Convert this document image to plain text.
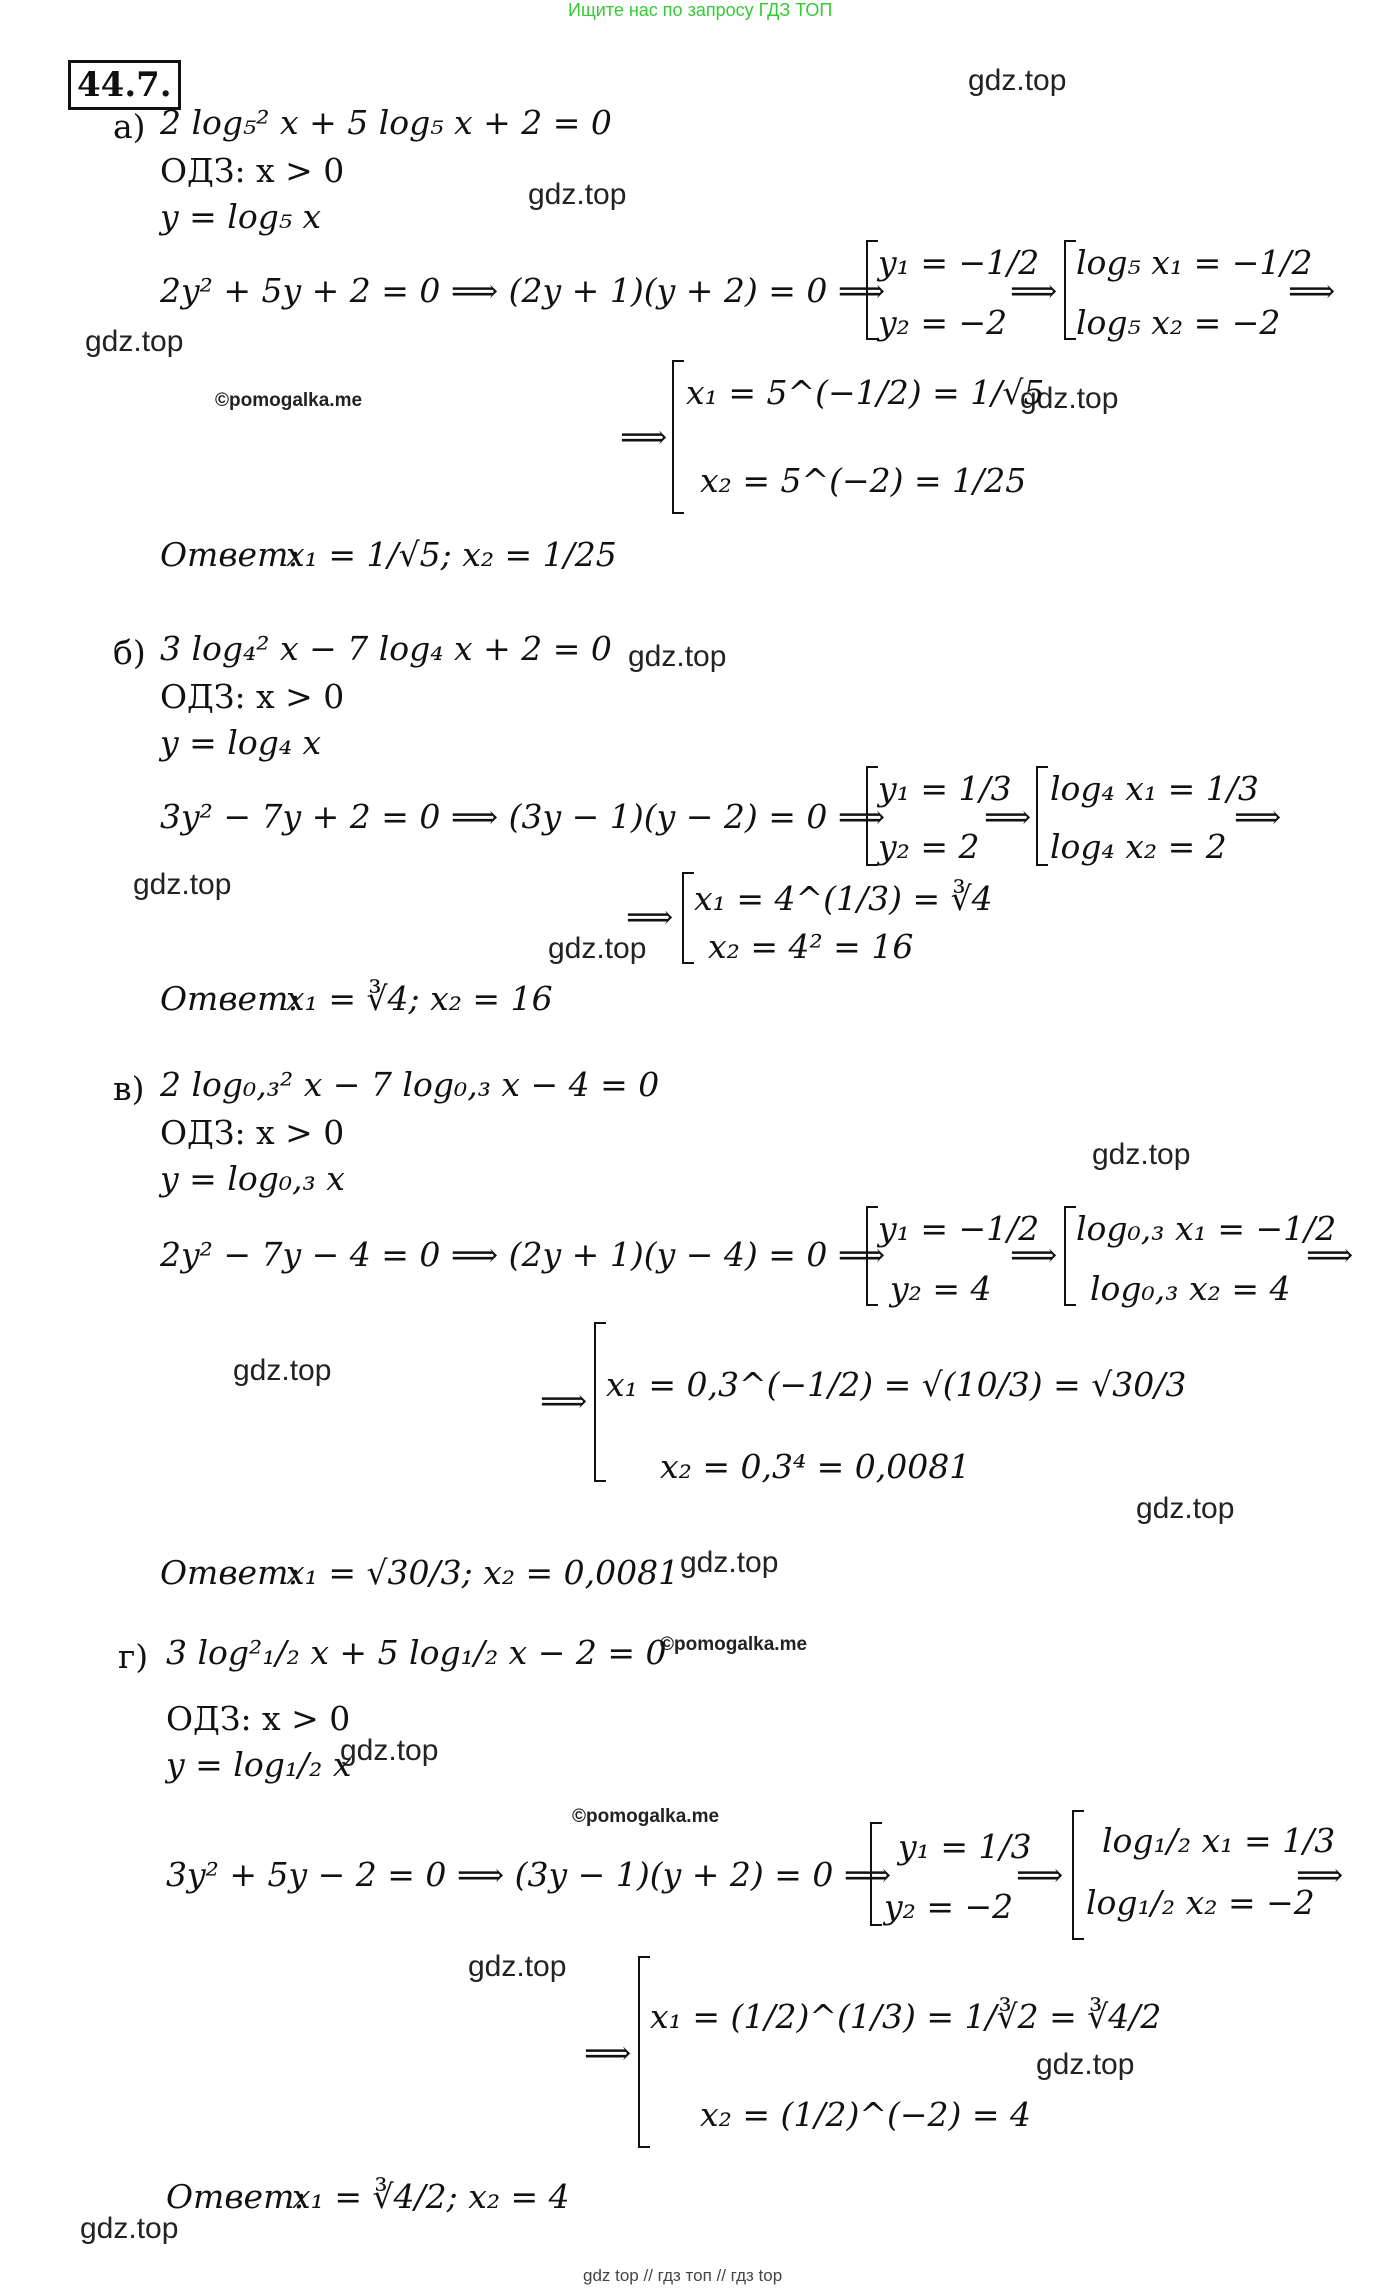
Ищите нас по запросу ГДЗ ТОП
gdz top // гдз топ // гдз top
44.7.	gdz.top
gdz.top
gdz.top
©pomogalka.me	gdz.top
gdz.top
gdz.top
gdz.top
gdz.top
gdz.top
gdz.top
gdz.top
©pomogalka.me
gdz.top
©pomogalka.me
gdz.top
gdz.top
gdz.top
а) 2 log₅² x + 5 log₅ x + 2 = 0
ОДЗ: x > 0
y = log₅ x
2y² + 5y + 2 = 0 ⟹ (2y + 1)(y + 2) = 0 ⟹
y₁ = −1/2
y₂ = −2
⟹
log₅ x₁ = −1/2
log₅ x₂ = −2
⟹
⟹
x₁ = 5^(−1/2) = 1/√5
x₂ = 5^(−2) = 1/25
Ответ:
x₁ = 1/√5; x₂ = 1/25
б) 3 log₄² x − 7 log₄ x + 2 = 0
ОДЗ: x > 0
y = log₄ x
3y² − 7y + 2 = 0 ⟹ (3y − 1)(y − 2) = 0 ⟹
y₁ = 1/3
y₂ = 2
⟹
log₄ x₁ = 1/3
log₄ x₂ = 2
⟹
⟹ x₁ = 4^(1/3) = ∛4
x₂ = 4² = 16
Ответ:
x₁ = ∛4; x₂ = 16
в) 2 log₀,₃² x − 7 log₀,₃ x − 4 = 0
ОДЗ: x > 0
y = log₀,₃ x
2y² − 7y − 4 = 0 ⟹ (2y + 1)(y − 4) = 0 ⟹
y₁ = −1/2
y₂ = 4
⟹
log₀,₃ x₁ = −1/2
log₀,₃ x₂ = 4
⟹
⟹ x₁ = 0,3^(−1/2) = √(10/3) = √30/3
x₂ = 0,3⁴ = 0,0081
Ответ:
x₁ = √30/3; x₂ = 0,0081
г) 3 log²₁/₂ x + 5 log₁/₂ x − 2 = 0
ОДЗ: x > 0
y = log₁/₂ x
3y² + 5y − 2 = 0 ⟹ (3y − 1)(y + 2) = 0 ⟹
y₁ = 1/3
y₂ = −2
⟹
log₁/₂ x₁ = 1/3
log₁/₂ x₂ = −2
⟹
⟹
x₁ = (1/2)^(1/3) = 1/∛2 = ∛4/2
x₂ = (1/2)^(−2) = 4
Ответ:
x₁ = ∛4/2; x₂ = 4
